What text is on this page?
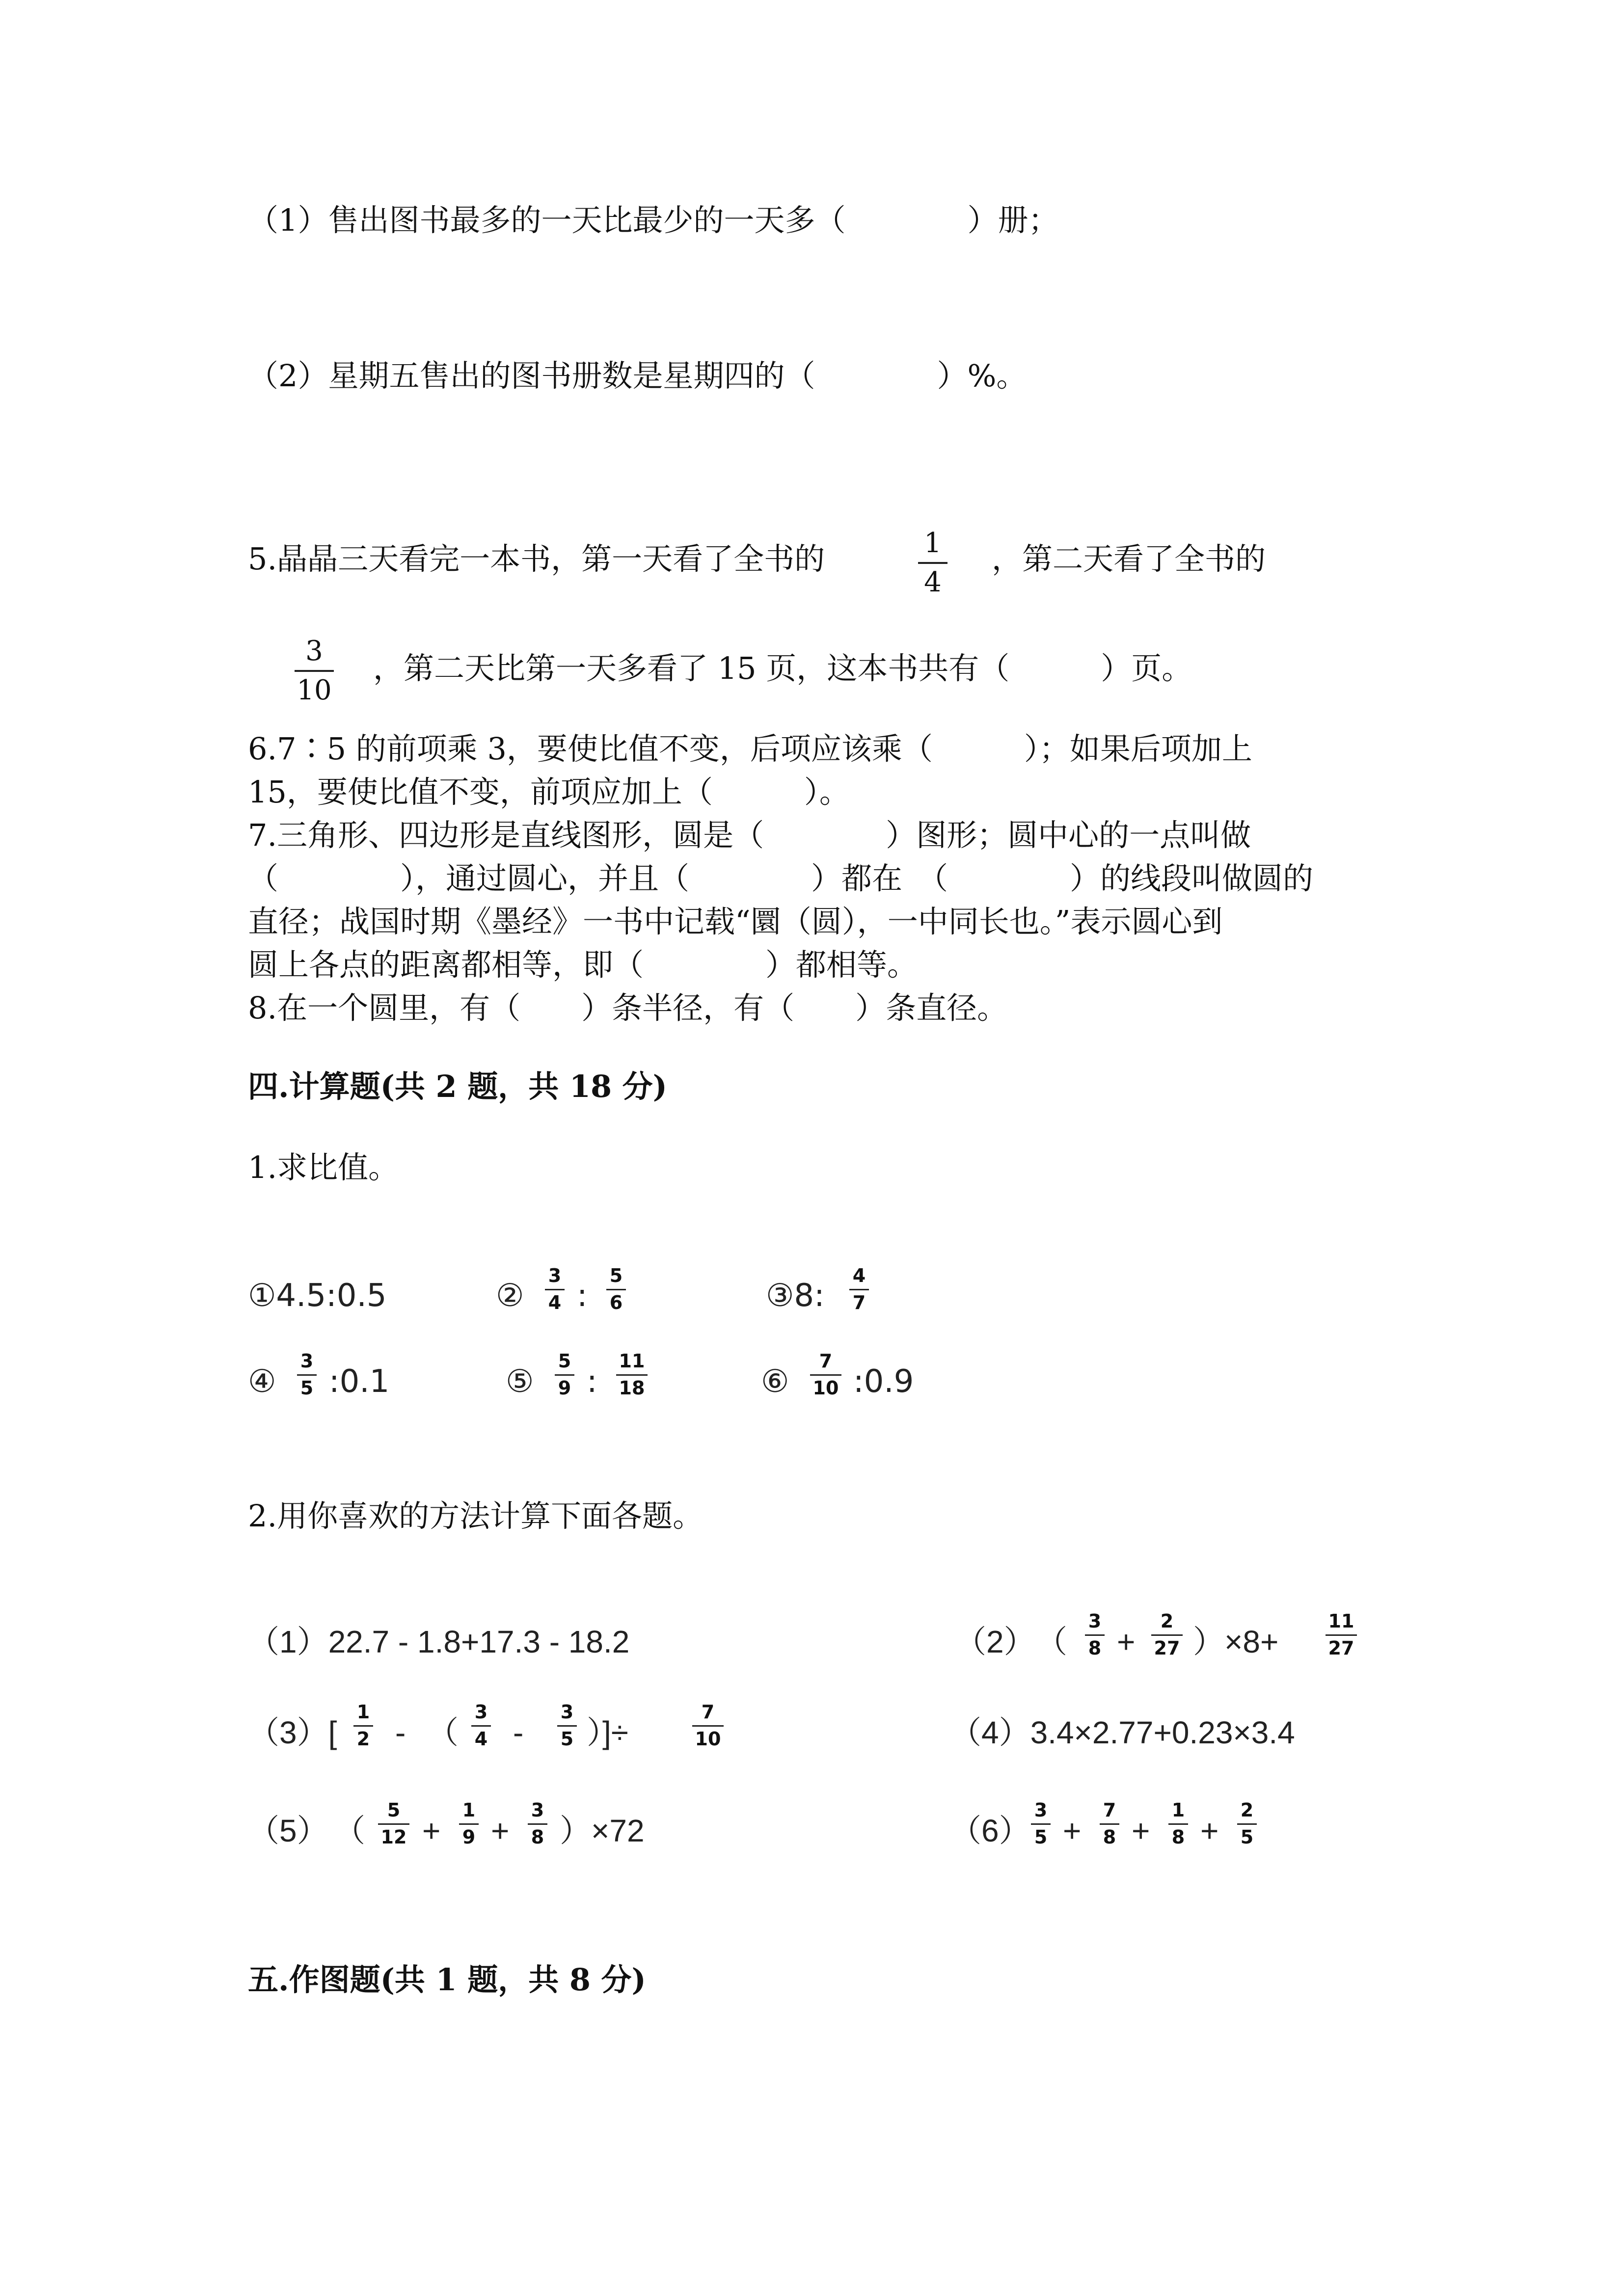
（1）售出图书最多的一天比最少的一天多（　　　　）册；
（2）星期五售出的图书册数是星期四的（　　　　）%。
5.晶晶三天看完一本书，第一天看了全书的	1
4
，第二天看了全书的
3
10
，第二天比第一天多看了 15 页，这本书共有（　　　）页。
6.7∶5 的前项乘 3，要使比值不变，后项应该乘（　　　）；如果后项加上
15，要使比值不变，前项应加上（　　　）。
7.三角形、四边形是直线图形，圆是（　　　　）图形；圆中心的一点叫做
（　　　　），通过圆心，并且（　　　　）都在　（　　　　）的线段叫做圆的
直径；战国时期《墨经》一书中记载“圜（圆），一中同长也。”表示圆心到
圆上各点的距离都相等，即（　　　　）都相等。
8.在一个圆里，有（　　）条半径，有（　　）条直径。
四.计算题(共 2 题，共 18 分)
1.求比值。
①4.5:0.5	②
3
4 :
5
6	③8:
4
7
④
3
5 :0.1	⑤
5
9 :
11
18	⑥
7
10 :0.9
2.用你喜欢的方法计算下面各题。
（1）22.7 - 1.8+17.3 - 18.2	（2） （
3
8 +
2
27 ）×8+
11
27
（3）[
1
2 - （
3
4 -
3
5 ）]÷
7
10	（4）3.4×2.77+0.23×3.4
（5） （
5
12 +
1
9 +
3
8 ）×72	（6）
3
5 +
7
8 +
1
8 +
2
5
五.作图题(共 1 题，共 8 分)
